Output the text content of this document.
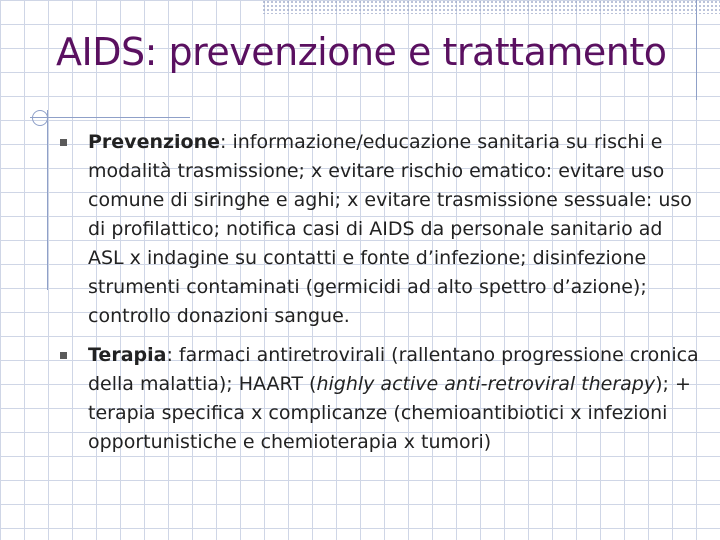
AIDS: prevenzione e trattamento
Prevenzione: informazione/educazione sanitaria su rischi e modalità trasmissione; x evitare rischio ematico: evitare uso comune di siringhe e aghi; x evitare trasmissione sessuale: uso di profilattico; notifica casi di AIDS da personale sanitario ad ASL x indagine su contatti e fonte d’infezione; disinfezione strumenti contaminati (germicidi ad alto spettro d’azione); controllo donazioni sangue.
Terapia: farmaci antiretrovirali (rallentano progressione cronica della malattia); HAART (highly active anti-retroviral therapy); + terapia specifica x complicanze (chemioantibiotici x infezioni opportunistiche e chemioterapia x tumori)
